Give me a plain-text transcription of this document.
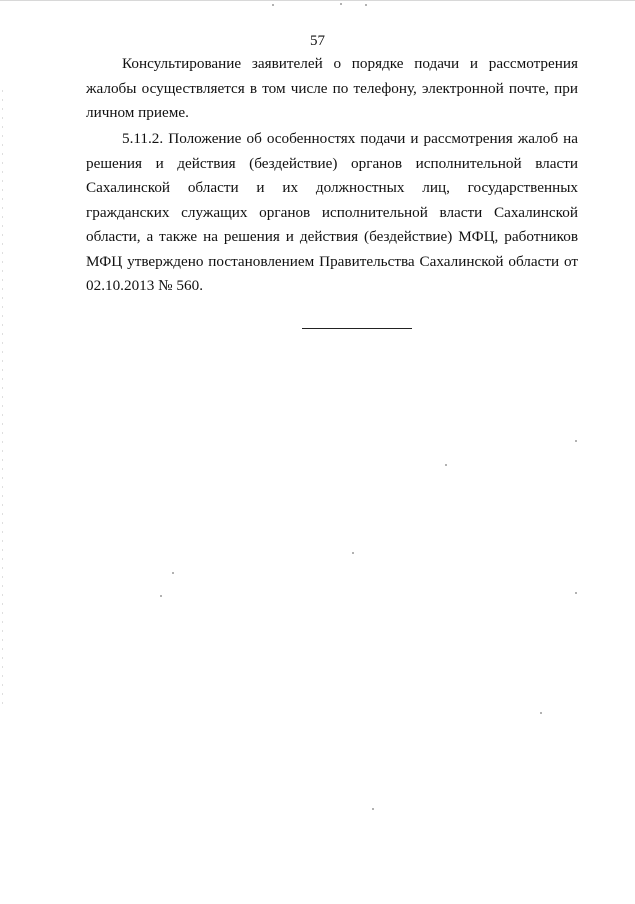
57

Консультирование заявителей о порядке подачи и рассмотрения жалобы осуществляется в том числе по телефону, электронной почте, при личном приеме.

5.11.2. Положение об особенностях подачи и рассмотрения жалоб на решения и действия (бездействие) органов исполнительной власти Сахалинской области и их должностных лиц, государственных гражданских служащих органов исполнительной власти Сахалинской области, а также на решения и действия (бездействие) МФЦ, работников МФЦ утверждено постановлением Правительства Сахалинской области от 02.10.2013 № 560.
